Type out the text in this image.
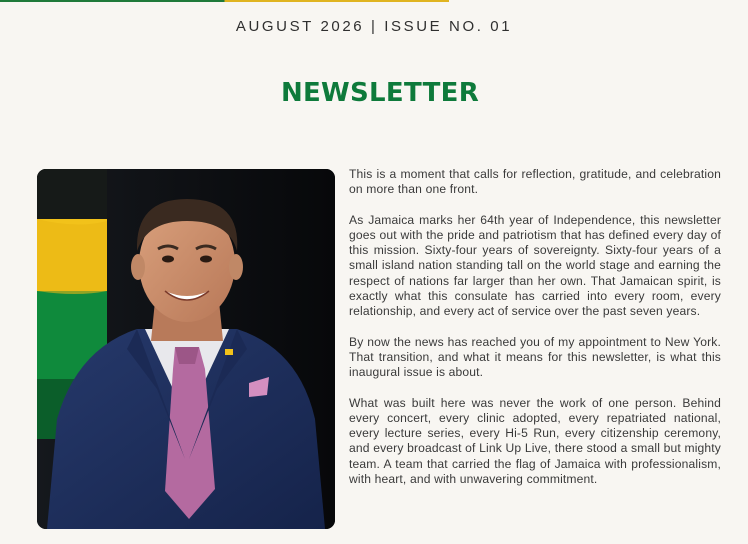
AUGUST 2026 | ISSUE NO. 01
NEWSLETTER

This is a moment that calls for reflection, gratitude, and celebration on more than one front.

As Jamaica marks her 64th year of Independence, this newsletter goes out with the pride and patriotism that has defined every day of this mission. Sixty-four years of sovereignty. Sixty-four years of a small island nation standing tall on the world stage and earning the respect of nations far larger than her own. That Jamaican spirit, is exactly what this consulate has carried into every room, every relationship, and every act of service over the past seven years.

By now the news has reached you of my appointment to New York. That transition, and what it means for this newsletter, is what this inaugural issue is about.

What was built here was never the work of one person. Behind every concert, every clinic adopted, every repatriated national, every lecture series, every Hi-5 Run, every citizenship ceremony, and every broadcast of Link Up Live, there stood a small but mighty team. A team that carried the flag of Jamaica with professionalism, with heart, and with unwavering commitment.
